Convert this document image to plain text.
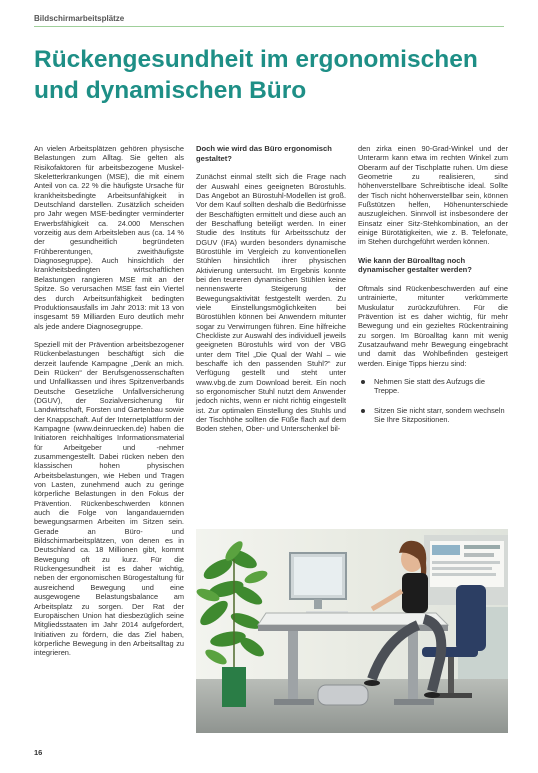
Bildschirmarbeitsplätze
Rückengesundheit im ergonomischen und dynamischen Büro

An vielen Arbeitsplätzen gehören physische Belastungen zum Alltag. Sie gelten als Risikofaktoren für arbeitsbezogene Muskel-Skeletterkrankungen (MSE), die mit einem Anteil von ca. 22 % die häufigste Ursache für krankheitsbedingte Arbeitsunfähigkeit in Deutschland darstellen. Zusätzlich scheiden pro Jahr wegen MSE-bedingter verminderter Erwerbsfähigkeit ca. 24.000 Menschen vorzeitig aus dem Arbeitsleben aus (ca. 14 % der gesundheitlich begründeten Frühberentungen, zweithäufigste Diagnosegruppe). Auch hinsichtlich der krankheitsbedingten wirtschaftlichen Belastungen rangieren MSE mit an der Spitze. So verursachen MSE fast ein Viertel des durch Arbeitsunfähigkeit bedingten Produktionsausfalls im Jahr 2013: mit 13 von insgesamt 59 Milliarden Euro deutlich mehr als jede andere Diagnosegruppe.

Speziell mit der Prävention arbeitsbezogener Rückenbelastungen beschäftigt sich die derzeit laufende Kampagne „Denk an mich. Dein Rücken“ der Berufsgenossenschaften und Unfallkassen und ihres Spitzenverbands Deutsche Gesetzliche Unfallversicherung (DGUV), der Sozialversicherung für Landwirtschaft, Forsten und Gartenbau sowie der Knappschaft. Auf der Internetplattform der Kampagne (www.deinruecken.de) haben die Initiatoren reichhaltiges Informationsmaterial für Arbeitgeber und -nehmer zusammengestellt. Dabei rücken neben den klassischen hohen physischen Arbeitsbelastungen, wie Heben und Tragen von Lasten, zunehmend auch zu geringe körperliche Belastungen in den Fokus der Prävention. Rückenbeschwerden können auch die Folge von langandauernden bewegungsarmen Arbeiten im Sitzen sein. Gerade an Büro- und Bildschirmarbeitsplätzen, von denen es in Deutschland ca. 18 Millionen gibt, kommt Bewegung oft zu kurz. Für die Rückengesundheit ist es daher wichtig, neben der ergonomischen Bürogestaltung für ausreichend Bewegung und eine ausgewogene Belastungsbalance am Arbeitsplatz zu sorgen. Der Rat der Europäischen Union hat diesbezüglich seine Mitgliedsstaaten im Jahr 2014 aufgefordert, Initiativen zu fördern, die das Ziel haben, körperliche Bewegung in den Arbeitsalltag zu integrieren.

Doch wie wird das Büro ergonomisch gestaltet?

Zunächst einmal stellt sich die Frage nach der Auswahl eines geeigneten Bürostuhls. Das Angebot an Bürostuhl-Modellen ist groß. Vor dem Kauf sollten deshalb die Bedürfnisse der Beschäftigten ermittelt und diese auch an der Beschaffung beteiligt werden. In einer Studie des Instituts für Arbeitsschutz der DGUV (IFA) wurden besonders dynamische Bürostühle im Vergleich zu konventionellen Stühlen hinsichtlich ihrer physischen Aktivierung untersucht. Im Ergebnis konnte bei den teureren dynamischen Stühlen keine nennenswerte Steigerung der Bewegungsaktivität festgestellt werden. Zu viele Einstellungsmöglichkeiten bei Bürostühlen können bei Anwendern mitunter sogar zu Verwirrungen führen. Eine hilfreiche Checkliste zur Auswahl des individuell jeweils geeigneten Bürostuhls wird von der VBG unter dem Titel „Die Qual der Wahl – wie beschaffe ich den passenden Stuhl?“ zur Verfügung gestellt und steht unter www.vbg.de zum Download bereit. Ein noch so ergonomischer Stuhl nutzt dem Anwender jedoch nichts, wenn er nicht richtig eingestellt ist. Zur optimalen Einstellung des Stuhls und der Tischhöhe sollten die Füße flach auf dem Boden stehen, Ober- und Unterschenkel bil-

den zirka einen 90-Grad-Winkel und der Unterarm kann etwa im rechten Winkel zum Oberarm auf der Tischplatte ruhen. Um diese Geometrie zu realisieren, sind höhenverstellbare Schreibtische ideal. Sollte der Tisch nicht höhenverstellbar sein, können Fußstützen helfen, Höhenunterschiede auszugleichen. Sinnvoll ist insbesondere der Einsatz einer Sitz-Stehkombination, an der einige Bürotätigkeiten, wie z. B. Telefonate, im Stehen durchgeführt werden können.

Wie kann der Büroalltag noch dynamischer gestalter werden?

Oftmals sind Rückenbeschwerden auf eine untrainierte, mitunter verkümmerte Muskulatur zurückzuführen. Für die Prävention ist es daher wichtig, für mehr Bewegung und ein gezieltes Rückentraining zu sorgen. Im Büroalltag kann mit wenig Zusatzaufwand mehr Bewegung eingebracht und damit das Wohlbefinden gesteigert werden. Einige Tipps hierzu sind:

Nehmen Sie statt des Aufzugs die Treppe.
Sitzen Sie nicht starr, sondem wechseln Sie Ihre Sitzpositionen.
16
